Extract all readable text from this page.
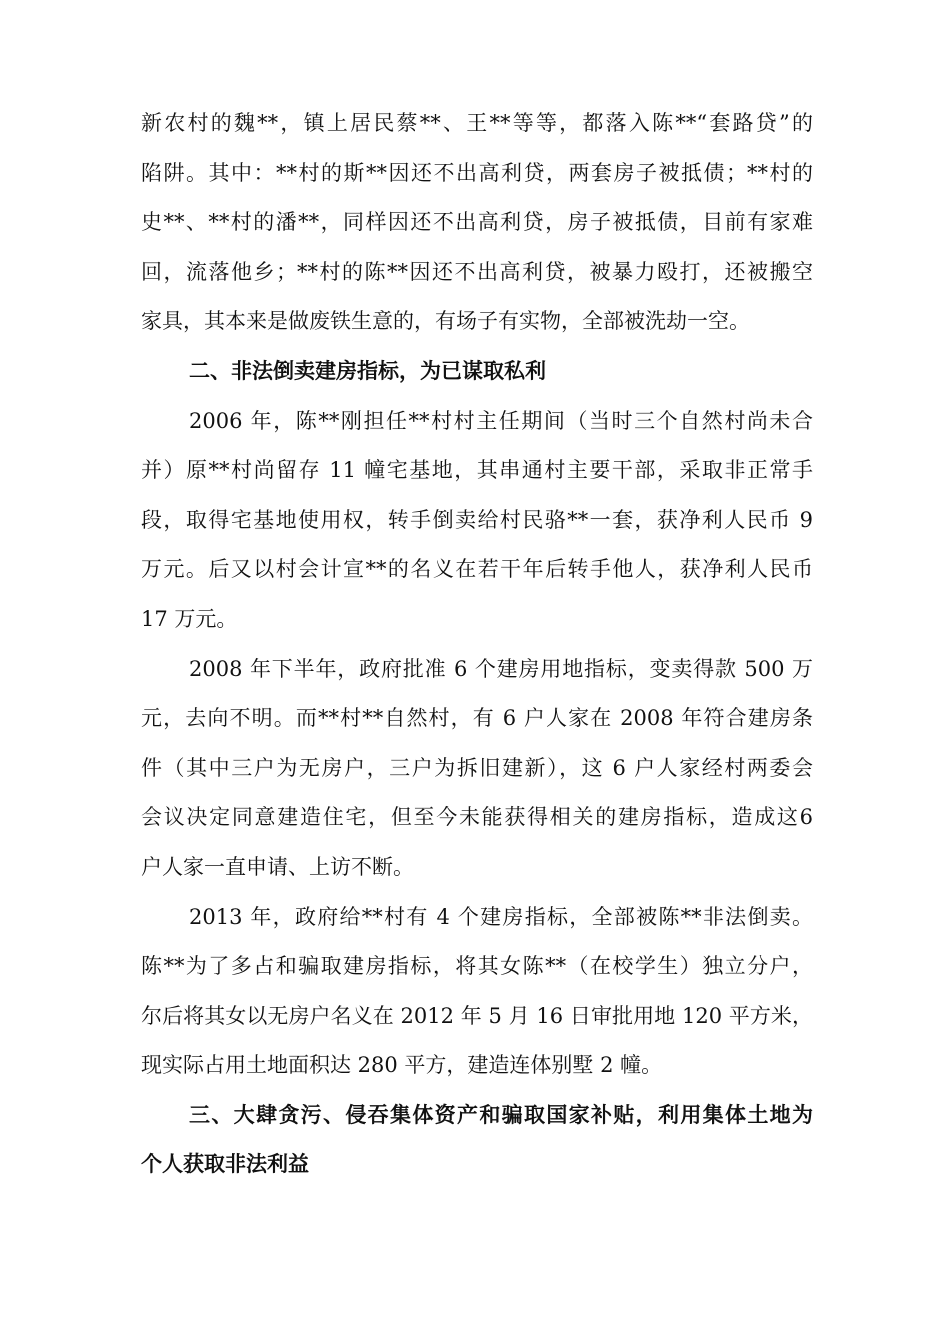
新农村的魏**，镇上居民蔡**、王**等等，都落入陈**“套路贷”的
陷阱。其中：**村的斯**因还不出高利贷，两套房子被抵债；**村的
史**、**村的潘**，同样因还不出高利贷，房子被抵债，目前有家难
回，流落他乡；**村的陈**因还不出高利贷，被暴力殴打，还被搬空
家具，其本来是做废铁生意的，有场子有实物，全部被洗劫一空。
二、非法倒卖建房指标，为已谋取私利
2006 年，陈**刚担任**村村主任期间（当时三个自然村尚未合
并）原**村尚留存 11 幢宅基地，其串通村主要干部，采取非正常手
段，取得宅基地使用权，转手倒卖给村民骆**一套，获净利人民币 9
万元。后又以村会计宣**的名义在若干年后转手他人，获净利人民币
17 万元。
2008 年下半年，政府批准 6 个建房用地指标，变卖得款 500 万
元，去向不明。而**村**自然村，有 6 户人家在 2008 年符合建房条
件（其中三户为无房户，三户为拆旧建新），这 6 户人家经村两委会
会议决定同意建造住宅，但至今未能获得相关的建房指标，造成这6
户人家一直申请、上访不断。
2013 年，政府给**村有 4 个建房指标，全部被陈**非法倒卖。
陈**为了多占和骗取建房指标，将其女陈**（在校学生）独立分户，
尔后将其女以无房户名义在 2012 年 5 月 16 日审批用地 120 平方米，
现实际占用土地面积达 280 平方，建造连体别墅 2 幢。
三、大肆贪污、侵吞集体资产和骗取国家补贴，利用集体土地为
个人获取非法利益
